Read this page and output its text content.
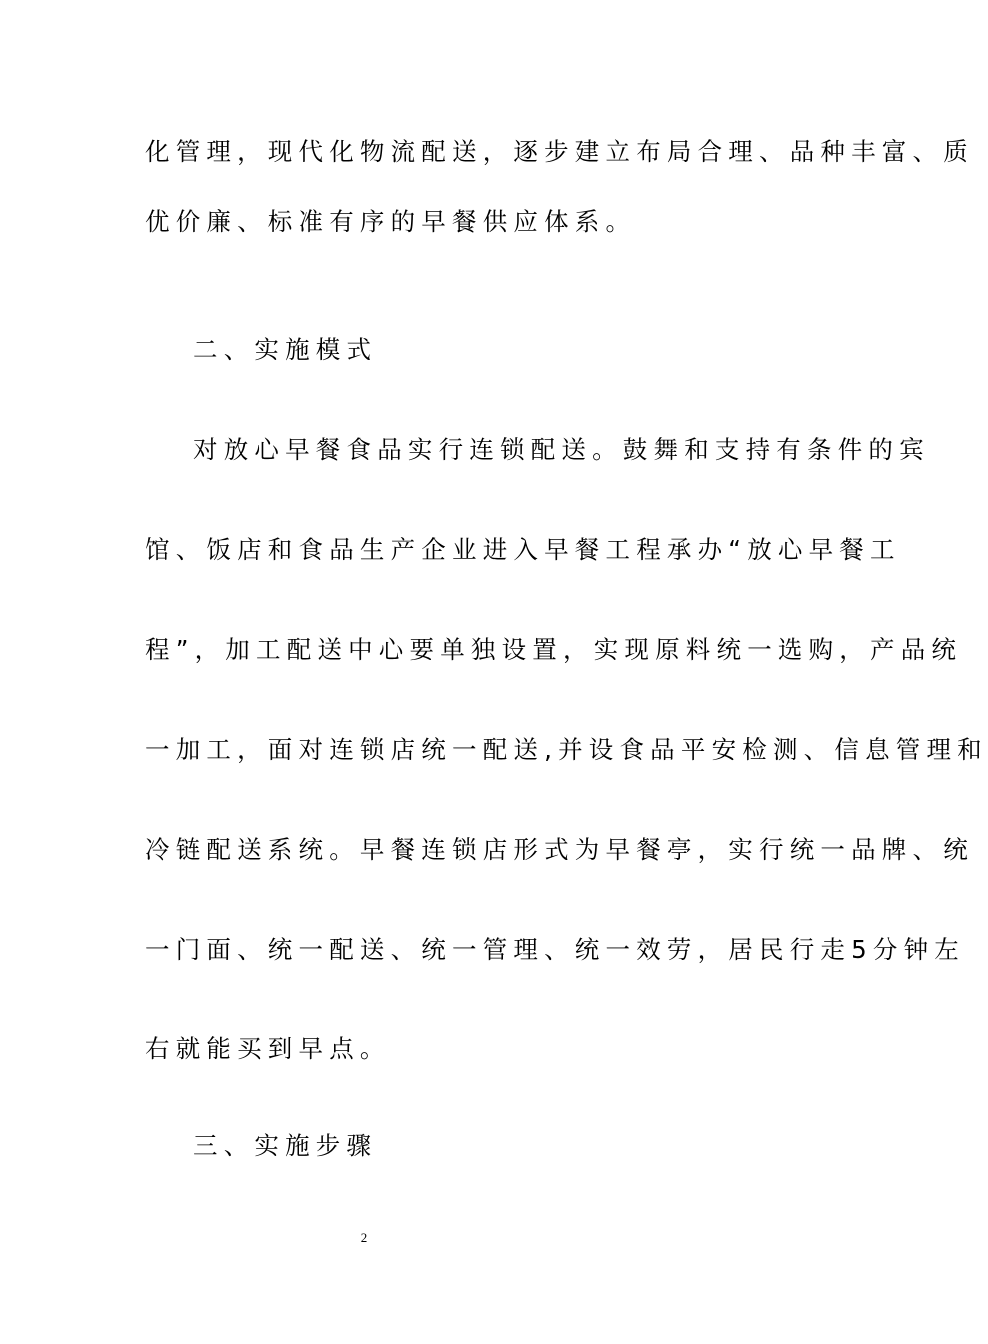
化管理，现代化物流配送，逐步建立布局合理、品种丰富、质
优价廉、标准有序的早餐供应体系。
二、实施模式
对放心早餐食品实行连锁配送。鼓舞和支持有条件的宾
馆、饭店和食品生产企业进入早餐工程承办“放心早餐工
程”，加工配送中心要单独设置，实现原料统一选购，产品统
一加工，面对连锁店统一配送,并设食品平安检测、信息管理和
冷链配送系统。早餐连锁店形式为早餐亭，实行统一品牌、统
一门面、统一配送、统一管理、统一效劳，居民行走5分钟左
右就能买到早点。
三、实施步骤
2
